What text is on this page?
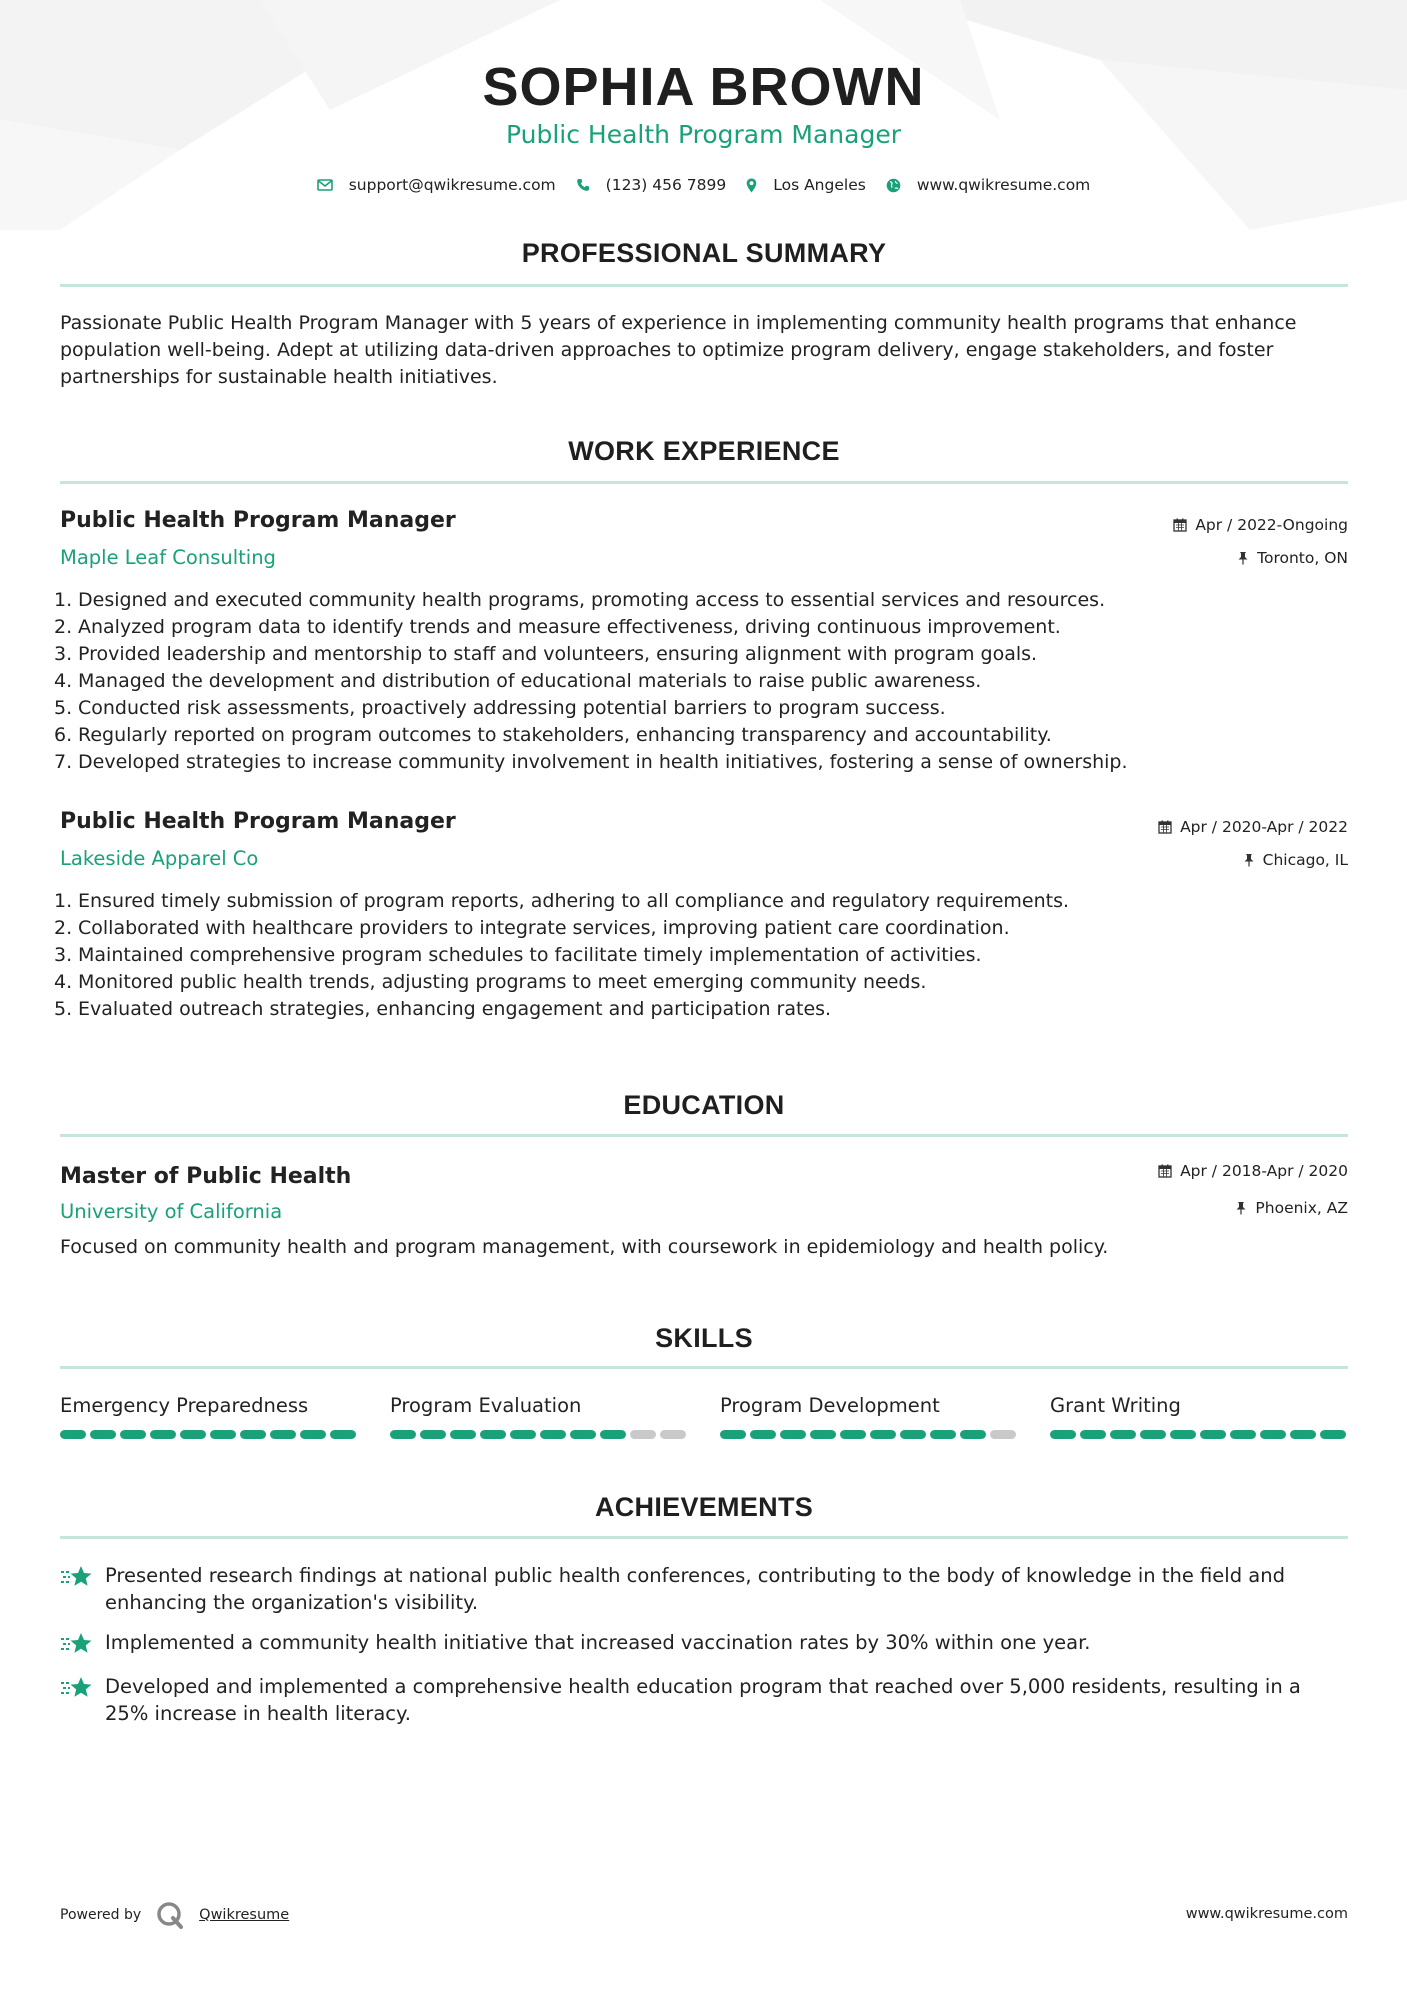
SOPHIA BROWN
Public Health Program Manager
support@qwikresume.com	(123) 456 7899	Los Angeles	www.qwikresume.com
PROFESSIONAL SUMMARY
Passionate Public Health Program Manager with 5 years of experience in implementing community health programs that enhance population well-being. Adept at utilizing data-driven approaches to optimize program delivery, engage stakeholders, and foster partnerships for sustainable health initiatives.
WORK EXPERIENCE
Public Health Program Manager	Apr / 2022-Ongoing
Maple Leaf Consulting	Toronto, ON
1. Designed and executed community health programs, promoting access to essential services and resources.
2. Analyzed program data to identify trends and measure effectiveness, driving continuous improvement.
3. Provided leadership and mentorship to staff and volunteers, ensuring alignment with program goals.
4. Managed the development and distribution of educational materials to raise public awareness.
5. Conducted risk assessments, proactively addressing potential barriers to program success.
6. Regularly reported on program outcomes to stakeholders, enhancing transparency and accountability.
7. Developed strategies to increase community involvement in health initiatives, fostering a sense of ownership.
Public Health Program Manager	Apr / 2020-Apr / 2022
Lakeside Apparel Co	Chicago, IL
1. Ensured timely submission of program reports, adhering to all compliance and regulatory requirements.
2. Collaborated with healthcare providers to integrate services, improving patient care coordination.
3. Maintained comprehensive program schedules to facilitate timely implementation of activities.
4. Monitored public health trends, adjusting programs to meet emerging community needs.
5. Evaluated outreach strategies, enhancing engagement and participation rates.
EDUCATION
Master of Public Health	Apr / 2018-Apr / 2020
University of California	Phoenix, AZ
Focused on community health and program management, with coursework in epidemiology and health policy.
SKILLS
Emergency Preparedness	Program Evaluation	Program Development	Grant Writing
ACHIEVEMENTS
Presented research findings at national public health conferences, contributing to the body of knowledge in the field and enhancing the organization's visibility.
Implemented a community health initiative that increased vaccination rates by 30% within one year.
Developed and implemented a comprehensive health education program that reached over 5,000 residents, resulting in a 25% increase in health literacy.
Powered by	Qwikresume	www.qwikresume.com
